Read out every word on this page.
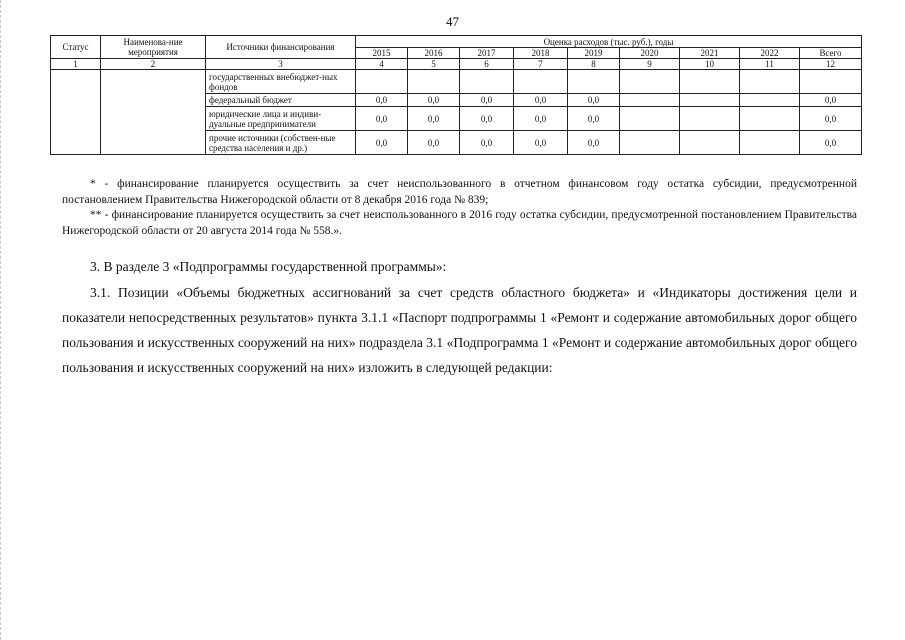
47
Статус	Наименова-ние мероприятия	Источники финансирования	Оценка расходов (тыс. руб.), годы								
			2015	2016	2017	2018	2019	2020	2021	2022	Всего
1	2	3	4	5	6	7	8	9	10	11	12
		государственных внебюджет-ных фондов									
		федеральный бюджет	0,0	0,0	0,0	0,0	0,0				0,0
		юридические лица и индиви-дуальные предприниматели	0,0	0,0	0,0	0,0	0,0				0,0
		прочие источники (собствен-ные средства населения и др.)	0,0	0,0	0,0	0,0	0,0				0,0

* - финансирование планируется осуществить за счет неиспользованного в отчетном финансовом году остатка субсидии, предусмотренной постановлением Правительства Нижегородской области от 8 декабря 2016 года № 839;

** - финансирование планируется осуществить за счет неиспользованного в 2016 году остатка субсидии, предусмотренной постановлением Правительства Нижегородской области от 20 августа 2014 года № 558.».

3. В разделе 3 «Подпрограммы государственной программы»:

3.1. Позиции «Объемы бюджетных ассигнований за счет средств областного бюджета» и «Индикаторы достижения цели и показатели непосредственных результатов» пункта 3.1.1 «Паспорт подпрограммы 1 «Ремонт и содержание автомобильных дорог общего пользования и искусственных сооружений на них» подраздела 3.1 «Подпрограмма 1 «Ремонт и содержание автомобильных дорог общего пользования и искусственных сооружений на них» изложить в следующей редакции:
